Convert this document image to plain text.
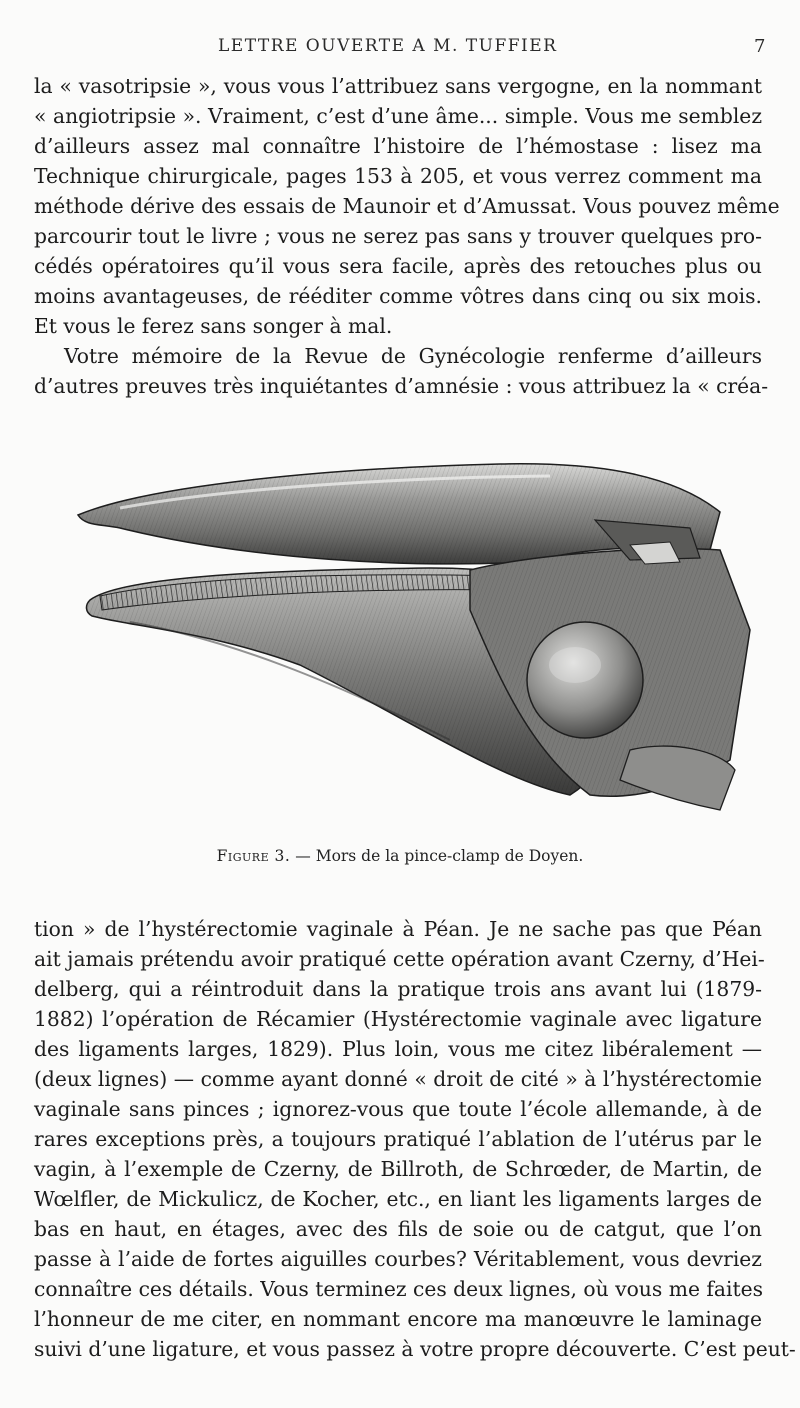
LETTRE OUVERTE A M. TUFFIER	7
la « vasotripsie », vous vous l’attribuez sans vergogne, en la nommant
« angiotripsie ». Vraiment, c’est d’une âme... simple. Vous me semblez
d’ailleurs assez mal connaître l’histoire de l’hémostase : lisez ma
Technique chirurgicale, pages 153 à 205, et vous verrez comment ma
méthode dérive des essais de Maunoir et d’Amussat. Vous pouvez même
parcourir tout le livre ; vous ne serez pas sans y trouver quelques pro-
cédés opératoires qu’il vous sera facile, après des retouches plus ou
moins avantageuses, de rééditer comme vôtres dans cinq ou six mois.
Et vous le ferez sans songer à mal.
Votre mémoire de la Revue de Gynécologie renferme d’ailleurs
d’autres preuves très inquiétantes d’amnésie : vous attribuez la « créa-
Figure 3. — Mors de la pince-clamp de Doyen.
tion » de l’hystérectomie vaginale à Péan. Je ne sache pas que Péan
ait jamais prétendu avoir pratiqué cette opération avant Czerny, d’Hei-
delberg, qui a réintroduit dans la pratique trois ans avant lui (1879-
1882) l’opération de Récamier (Hystérectomie vaginale avec ligature
des ligaments larges, 1829). Plus loin, vous me citez libéralement —
(deux lignes) — comme ayant donné « droit de cité » à l’hystérectomie
vaginale sans pinces ; ignorez-vous que toute l’école allemande, à de
rares exceptions près, a toujours pratiqué l’ablation de l’utérus par le
vagin, à l’exemple de Czerny, de Billroth, de Schrœder, de Martin, de
Wœlfler, de Mickulicz, de Kocher, etc., en liant les ligaments larges de
bas en haut, en étages, avec des fils de soie ou de catgut, que l’on
passe à l’aide de fortes aiguilles courbes? Véritablement, vous devriez
connaître ces détails. Vous terminez ces deux lignes, où vous me faites
l’honneur de me citer, en nommant encore ma manœuvre le laminage
suivi d’une ligature, et vous passez à votre propre découverte. C’est peut-
